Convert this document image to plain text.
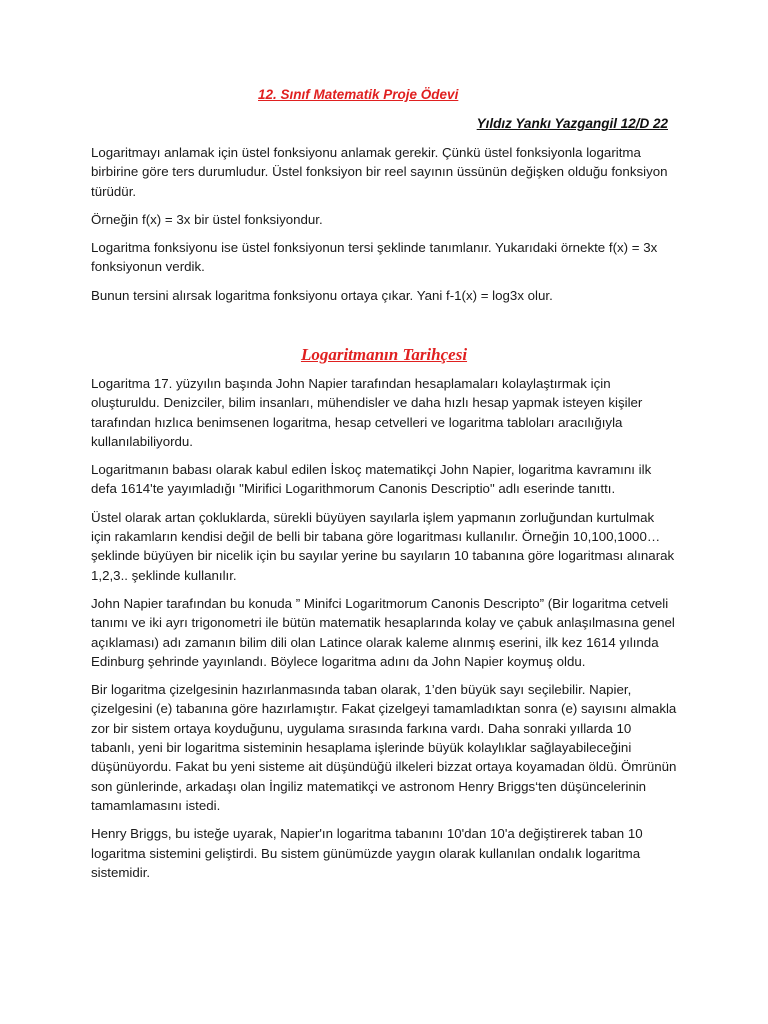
12. Sınıf Matematik Proje Ödevi
Yıldız Yankı Yazgangil 12/D 22

Logaritmayı anlamak için üstel fonksiyonu anlamak gerekir. Çünkü üstel fonksiyonla logaritma birbirine göre ters durumludur. Üstel fonksiyon bir reel sayının üssünün değişken olduğu fonksiyon türüdür.

Örneğin f(x) = 3x bir üstel fonksiyondur.

Logaritma fonksiyonu ise üstel fonksiyonun tersi şeklinde tanımlanır. Yukarıdaki örnekte f(x) = 3x fonksiyonun verdik.

Bunun tersini alırsak logaritma fonksiyonu ortaya çıkar. Yani f-1(x) = log3x olur.

Logaritmanın Tarihçesi

Logaritma 17. yüzyılın başında John Napier tarafından hesaplamaları kolaylaştırmak için oluşturuldu. Denizciler, bilim insanları, mühendisler ve daha hızlı hesap yapmak isteyen kişiler tarafından hızlıca benimsenen logaritma, hesap cetvelleri ve logaritma tabloları aracılığıyla kullanılabiliyordu.

Logaritmanın babası olarak kabul edilen İskoç matematikçi John Napier, logaritma kavramını ilk defa 1614'te yayımladığı "Mirifici Logarithmorum Canonis Descriptio" adlı eserinde tanıttı.

Üstel olarak artan çokluklarda, sürekli büyüyen sayılarla işlem yapmanın zorluğundan kurtulmak için rakamların kendisi değil de belli bir tabana göre logaritması kullanılır. Örneğin 10,100,1000… şeklinde büyüyen bir nicelik için bu sayılar yerine bu sayıların 10 tabanına göre logaritması alınarak 1,2,3.. şeklinde kullanılır.

John Napier tarafından bu konuda ” Minifci Logaritmorum Canonis Descripto” (Bir logaritma cetveli tanımı ve iki ayrı trigonometri ile bütün matematik hesaplarında kolay ve çabuk anlaşılmasına genel açıklaması) adı zamanın bilim dili olan Latince olarak kaleme alınmış eserini, ilk kez 1614 yılında Edinburg şehrinde yayınlandı. Böylece logaritma adını da John Napier koymuş oldu.

Bir logaritma çizelgesinin hazırlanmasında taban olarak, 1’den büyük sayı seçilebilir. Napier, çizelgesini (e) tabanına göre hazırlamıştır. Fakat çizelgeyi tamamladıktan sonra (e) sayısını almakla zor bir sistem ortaya koyduğunu, uygulama sırasında farkına vardı. Daha sonraki yıllarda 10 tabanlı, yeni bir logaritma sisteminin hesaplama işlerinde büyük kolaylıklar sağlayabileceğini düşünüyordu. Fakat bu yeni sisteme ait düşündüğü ilkeleri bizzat ortaya koyamadan öldü. Ömrünün son günlerinde, arkadaşı olan İngiliz matematikçi ve astronom Henry Briggs‘ten düşüncelerinin tamamlamasını istedi.

Henry Briggs, bu isteğe uyarak, Napier'ın logaritma tabanını 10'dan 10'a değiştirerek taban 10 logaritma sistemini geliştirdi. Bu sistem günümüzde yaygın olarak kullanılan ondalık logaritma sistemidir.
